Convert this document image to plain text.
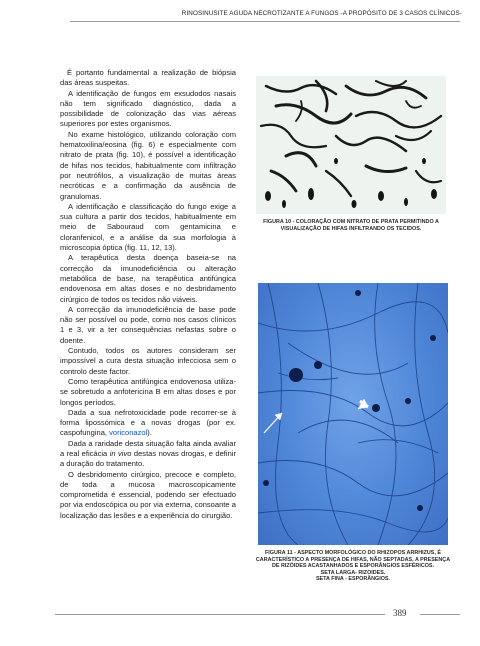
RINOSINUSITE AGUDA NECROTIZANTE A FUNGOS -A PROPÓSITO DE 3 CASOS CLÍNICOS-

É portanto fundamental a realização de biópsia das áreas suspeitas.

A identificação de fungos em exsudodos nasais não tem significado diagnóstico, dada a possibilidade de colonização das vias aéreas superiores por estes organismos.

No exame histológico, utilizando coloração com hematoxilina/eosina (fig. 6) e especialmente com nitrato de prata (fig. 10), é possível a identificação de hifas nos tecidos, habitualmente com infiltração por neutrófilos, a visualização de muitas áreas necróticas e a confirmação da ausência de granulomas.

A identificação e classificação do fungo exige a sua cultura a partir dos tecidos, habitualmente em meio de Sabouraud com gentamicina e cloranfenicol, e a análise da sua morfologia à microscopia óptica (fig. 11, 12, 13).

A terapêutica desta doença baseia-se na correcção da imunodeficiência ou alteração metabólica de base, na terapêutica antifúngica endovenosa em altas doses e no desbridamento cirúrgico de todos os tecidos não viáveis.

A correcção da imunodeficiência de base pode não ser possível ou pode, como nos casos clínicos 1 e 3, vir a ter consequências nefastas sobre o doente.

Contudo, todos os autores consideram ser impossível a cura desta situação infecciosa sem o controlo deste factor.

Como terapêutica antifúngica endovenosa utiliza-se sobretudo a anfotericina B em altas doses e por longos períodos.

Dada a sua nefrotoxicidade pode recorrer-se à forma lipossómica e a novas drogas (por ex. caspofungina, voriconazol).

Dada a raridade desta situação falta ainda avaliar a real eficácia in vivo destas novas drogas, e definir a duração do tratamento.

O desbridomento cirúrgico, precoce e completo, de toda a mucosa macroscopicamente comprometida é essencial, podendo ser efectuado por via endoscópica ou por via externa, consoante a localização das lesões e a experiência do cirurgião.

FIGURA 10 - COLORAÇÃO COM NITRATO DE PRATA PERMITINDO A VISUALIZAÇÃO DE HIFAS INFILTRANDO OS TECIDOS.
FIGURA 11 - ASPECTO MORFOLÓGICO DO RHIZOPOS ARRHIZUS, É CARACTERÍSTICO A PRESENÇA DE HIFAS, NÃO SEPTADAS, A PRESENÇA DE RIZÓIDES ACASTANHADOS E ESPORÂNGIOS ESFÉRICOS.
SETA LARGA- RIZOIDES.
SETA FINA - ESPORÂNGIOS.
389
